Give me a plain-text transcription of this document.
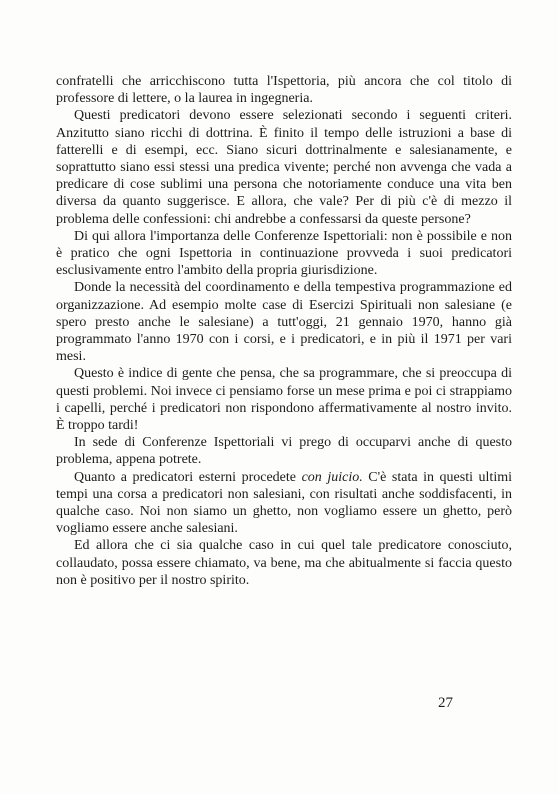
confratelli che arricchiscono tutta l'Ispettoria, più ancora che col titolo di professore di lettere, o la laurea in ingegneria.

Questi predicatori devono essere selezionati secondo i seguenti criteri. Anzitutto siano ricchi di dottrina. È finito il tempo delle istruzioni a base di fatterelli e di esempi, ecc. Siano sicuri dottrinalmente e salesianamente, e soprattutto siano essi stessi una predica vivente; perché non avvenga che vada a predicare di cose sublimi una persona che notoriamente conduce una vita ben diversa da quanto suggerisce. E allora, che vale? Per di più c'è di mezzo il problema delle confessioni: chi andrebbe a confessarsi da queste persone?

Di qui allora l'importanza delle Conferenze Ispettoriali: non è possibile e non è pratico che ogni Ispettoria in continuazione provveda i suoi predicatori esclusivamente entro l'ambito della propria giurisdizione.

Donde la necessità del coordinamento e della tempestiva programmazione ed organizzazione. Ad esempio molte case di Esercizi Spirituali non salesiane (e spero presto anche le salesiane) a tutt'oggi, 21 gennaio 1970, hanno già programmato l'anno 1970 con i corsi, e i predicatori, e in più il 1971 per vari mesi.

Questo è indice di gente che pensa, che sa programmare, che si preoccupa di questi problemi. Noi invece ci pensiamo forse un mese prima e poi ci strappiamo i capelli, perché i predicatori non rispondono affermativamente al nostro invito. È troppo tardi!

In sede di Conferenze Ispettoriali vi prego di occuparvi anche di questo problema, appena potrete.

Quanto a predicatori esterni procedete con juicio. C'è stata in questi ultimi tempi una corsa a predicatori non salesiani, con risultati anche soddisfacenti, in qualche caso. Noi non siamo un ghetto, non vogliamo essere un ghetto, però vogliamo essere anche salesiani.

Ed allora che ci sia qualche caso in cui quel tale predicatore conosciuto, collaudato, possa essere chiamato, va bene, ma che abitualmente si faccia questo non è positivo per il nostro spirito.

27
